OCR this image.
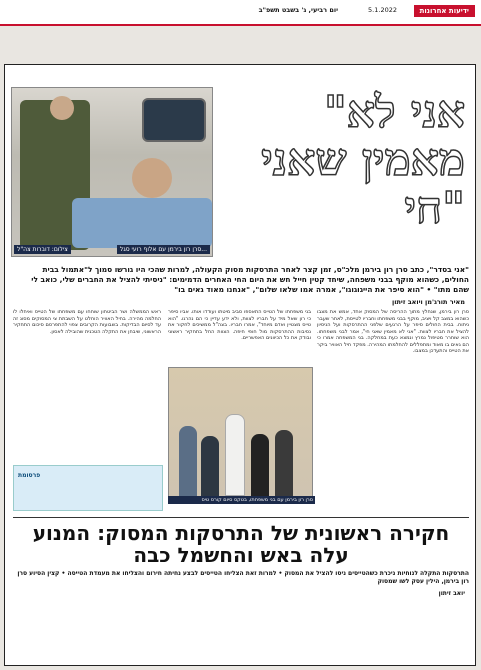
יום רביעי, ג' בשבט תשפ"ב	5.1.2022	ידיעות אחרונות
צילום: דוברות צה"ל	סרן רון בירמן עם אלוף רועי סגל...
"אני לא מאמין שאני חי"
"אני בסדר", כתב סרן רון בירמן מלכ"ס, זמן קצר לאחר התרסקות מסוק הקעולה, למרות שהכי היו גורשו סמוך ל"אתמול בבית החולים, כשהוא מוקף בבני משפחה, שיחד קטין חייל חש את היום החי האחרים הדמימים: "ניסיתי להציל את החברים שלי, כואב לי שהם מתו" • "הוא סיפר את הייגוגוגו", אמרה אמו שלאו שלום", "אנחנו מאוד גאים בו"
מאיר תורג'מן ויואב זיתון
סרן רון בירמן, שנחלץ מתוך ההריסה של המסוק אחד, אמש את מצבו כשהוא במצב קל ויציב, מוקף בבני משפחתו וחבריו לטייסת, לאחר שעבר ניתוח. בבית החולים סיפר על הרגעים שלפני ההתרסקות ועל הניסיון להציל את חבריו לצוות. "אני לא מאמין שאני חי", אמר לבני משפחתו. הוא שוחרר מטיפול נמרץ ונמצא כעת במחלקה. בני המשפחה אמרו כי הם גאים בו מאוד ומתפללים להחלמתו המהירה. מפקד חיל האוויר ביקר את הטייס והתעדכן במצבו.
בני משפחתו של הטייס התאספו סביב מיטתו ועודדו אותו. אביו סיפר כי רון שאל מיד על חבריו לצוות, ולא ידע עדיין כי הם נהרגו. "הוא טייס מצטיין ואדם מיוחד", אמרו חבריו. בצה"ל ממשיכים לחקור את נסיבות ההתרסקות מול חופי חיפה. הצוות החל בתחקיר ראשוני ובודק את כל הכיוונים האפשריים.
ראש הממשלה ושר הביטחון שוחחו עם משפחתו של הטייס ואיחלו לו החלמה מהירה. בחיל האוויר הוחלט על השבתת צי המסוקים מסוג זה עד לסיום הבדיקות. בשבועות הקרובים צפוי להתפרסם סיכום התחקיר הראשוני, שיבחן את התקלה הטכנית שהובילה לאסון.
סרן רון בירמן עם בני משפחתו, בטקס סיום קורס טיס
פרסומת
חקירה ראשונית של התרסקות המסוק: המנוע עלה באש והחשמל כבה
התרסקות התקלה לנוחיות ניכרת כשהטייסים ניסו להציל את המסוק • למרות זאת הצליחו הטייסים לבצע נחיתה חירום והצליחו את מעמדת הטייסה • קצין הסיוע סרן רון בירמן, הילין עסק לשו שמסוק
יואב זיתון
